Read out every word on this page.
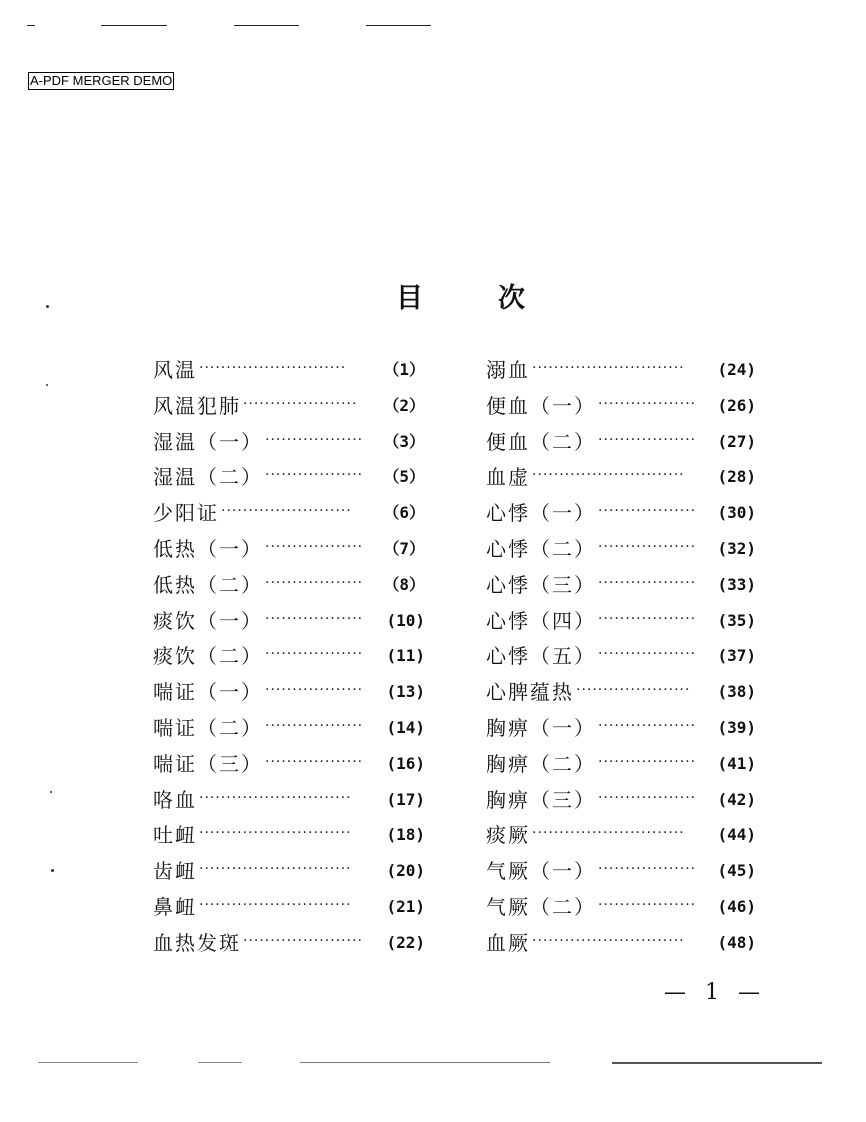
A-PDF MERGER DEMO
目	次
风温	（1）
···························
风温犯肺	（2）
·····················
湿温（一）	（3）
··················
湿温（二）	（5）
··················
少阳证	（6）
························
低热（一）	（7）
··················
低热（二）	（8）
··················
痰饮（一）	(10)
··················
痰饮（二）	(11)
··················
喘证（一）	(13)
··················
喘证（二）	(14)
··················
喘证（三）	(16)
··················
咯血	(17)
····························
吐衄	(18)
····························
齿衄	(20)
····························
鼻衄	(21)
····························
血热发斑	(22)
······················
溺血	(24)
····························
便血（一）	(26)
··················
便血（二）	(27)
··················
血虚	(28)
····························
心悸（一）	(30)
··················
心悸（二）	(32)
··················
心悸（三）	(33)
··················
心悸（四）	(35)
··················
心悸（五）	(37)
··················
心脾蕴热	(38)
·····················
胸痹（一）	(39)
··················
胸痹（二）	(41)
··················
胸痹（三）	(42)
··················
痰厥	(44)
····························
气厥（一）	(45)
··················
气厥（二）	(46)
··················
血厥	(48)
····························
— 1 —
